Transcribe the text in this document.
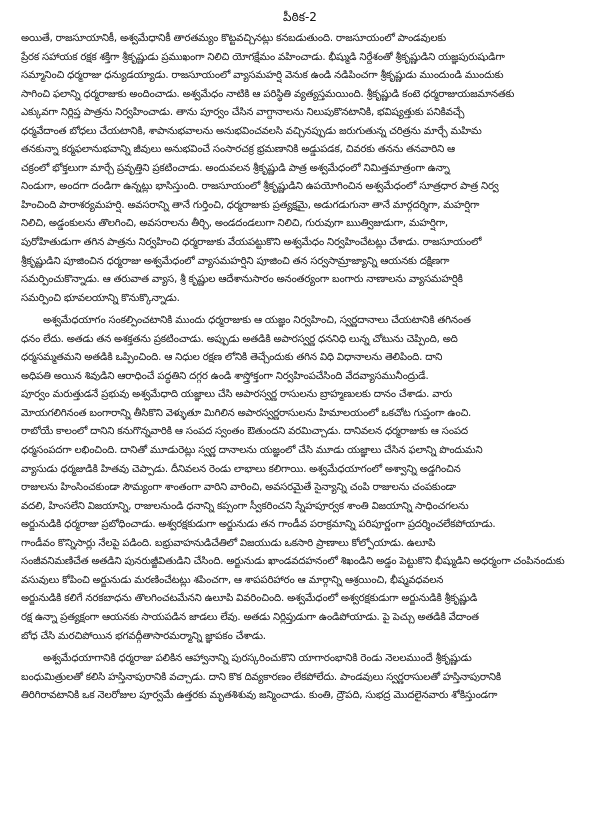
పీఠిక-2
అయితే, రాజసూయానికీ, అశ్వమేధానికీ తారతమ్యం కొట్టవచ్చినట్లు కనబడుతుంది. రాజసూయంలో పాండవులకు
ప్రేరక సహాయక రక్షక శక్తిగా శ్రీకృష్ణుడు ప్రముఖంగా నిలిచి యోగక్షేమం వహించాడు. భీష్ముడి నిర్దేశంతో శ్రీకృష్ణుడిని యజ్ఞపురుషుడిగా
సమ్మానించి ధర్మరాజు ధన్యుడయ్యాడు. రాజసూయంలో వ్యాసమహర్షి వెనుక ఉండి నడిపించగా శ్రీకృష్ణుడు ముందుండి ముందుకు
సాగించి ఫలాన్ని ధర్మరాజుకు అందించాడు. అశ్వమేధం నాటికి ఆ పరిస్థితి వ్యత్యస్తమయింది. శ్రీకృష్ణుడి కంటె ధర్మరాజుయజమానతకు
ఎక్కువగా నిర్లిప్త పాత్రను నిర్వహించాడు. తాను పూర్వం చేసిన వాగ్దానాలను నిలుపుకొనటానికి, భవిష్యత్తుకు పనికివచ్చే
ధర్మవేదాంత బోధలు చేయటానికి, శాపానుభవాలను అనుభవించవలసి వచ్చినప్పుడు జరుగుతున్న చరిత్రను మార్చే మహిమ
తనకున్నా కర్మఫలానుభవాన్ని జీవులు అనుభవించే సంసారచక్ర భ్రమణానికి అడ్డుపడక, చివరకు తనను తనవారిని ఆ
చక్రంలో భోక్తలుగా మార్చే ప్రవృత్తిని ప్రకటించాడు. అందువలన శ్రీకృష్ణుడి పాత్ర అశ్వమేధంలో నిమిత్తమాత్రంగా ఉన్నా
నిండుగా, అందగా దండిగా ఉన్నట్లు భాసిస్తుంది. రాజసూయంలో శ్రీకృష్ణుడిని ఉపయోగించిన అశ్వమేధంలో సూత్రధార పాత్ర నిర్వ
హించింది పారాశర్యమహర్షి. అవసరాన్ని తానే గుర్తించి, ధర్మరాజుకు ప్రత్యక్షమై, అడుగడుగునా తానే మార్గదర్శిగా, మహర్షిగా
నిలిచి, అడ్డంకులను తొలగించి, అవసరాలను తీర్చి, అండదండలుగా నిలిచి, గురువుగా ఋత్విజుడుగా, మహర్షిగా,
పురోహితుడుగా తగిన పాత్రను నిర్వహించి ధర్మరాజుకు వేయపట్టుకొని అశ్వమేధం నిర్వహించేటట్లు చేశాడు. రాజసూయంలో
శ్రీకృష్ణుడిని పూజించిన ధర్మరాజు అశ్వమేధంలో వ్యాసమహర్షిని పూజించి తన సర్వసామ్రాజ్యాన్ని ఆయనకు దక్షిణగా
సమర్పించుకొన్నాడు. ఆ తరువాత వ్యాస, శ్రీ కృష్ణుల ఆదేశానుసారం అనంతర్యంగా బంగారు నాణాలను వ్యాసమహర్షికి
సమర్పించి భూవలయాన్ని కొనుక్కొన్నాడు.
అశ్వమేధయాగం సంకల్పించటానికి ముందు ధర్మరాజుకు ఆ యజ్ఞం నిర్వహించి, స్వర్ణదానాలు చేయటానికి తగినంత
ధనం లేదు. అతడు తన అశక్తతను ప్రకటించాడు. అప్పుడు అతడికి అపారస్వర్ణ ధననిధి లున్న చోటును చెప్పింది, అది
ధర్మసమ్మతమని అతడికి ఒప్పించింది. ఆ నిధుల రక్షణ లోనికి తెచ్చేందుకు తగిన విధి విధానాలను తెలిపింది. దాని
అధిపతి అయిన శివుడిని ఆరాధించే పద్ధతిని దగ్గర ఉండి శాస్త్రోక్తంగా నిర్వహింపచేసింది వేదవ్యాసమునీంద్రుడే.
పూర్వం మరుత్తుడనే ప్రభువు అశ్వమేధాది యజ్ఞాలు చేసి అపారస్వర్ణ రాసులను బ్రాహ్మణులకు దానం చేశాడు. వారు
మోయగలిగినంత బంగారాన్ని తీసికొని వెళ్ళుతూ మిగిలిన అపారస్వర్ణరాసులను హిమాలయంలో ఒకచోట గుప్తంగా ఉంచి.
రాబోయే కాలంలో దానిని కనుగొన్నవారికి ఆ సంపద స్వంతం ఔతుందని వరమిచ్చాడు. దానివలన ధర్మరాజుకు ఆ సంపద
ధర్మసంపదగా లభించింది. దానితో మూడురెట్లు స్వర్ణ దానాలను యజ్ఞంలో చేసి మూడు యజ్ఞాలు చేసిన ఫలాన్ని పొందుమని
వ్యాసుడు ధర్మజుడికి హితవు చెప్పాడు. దీనివలన రెండు లాభాలు కలిగాయి. అశ్వమేధయాగంలో అశ్వాన్ని అడ్డగించిన
రాజులను హింసించకుండా సౌమ్యంగా శాంతంగా వారిని వారించి, అవసరమైతే సైన్యాన్ని చంపి రాజులను చంపకుండా
వదలి, హింసలేని విజయాన్ని, రాజులనుండి ధనాన్ని కప్పంగా స్వీకరించని స్నేహపూర్వక శాంతి విజయాన్ని సాధించగలను
అర్జునుడికి ధర్మరాజు ప్రబోధించాడు. అశ్వరక్షకుడుగా అర్జునుడు తన గాండీవ పరాక్రమాన్ని పరిపూర్ణంగా ప్రదర్శించలేకపోయాడు.
గాండీవం కొన్నిసార్లు నేలపై పడింది. బభ్రువాహనుడిచేతిలో విజయుడు ఒకసారి ప్రాణాలు కోల్పోయాడు. ఉలూపి
సంజీవనిమణిచేత అతడిని పునరుజ్జీవితుడిని చేసింది. అర్జునుడు ఖాండవదహనంలో శిఖండిని అడ్డం పెట్టుకొని భీష్ముడిని అధర్మంగా చంపినందుకు
వసువులు కోపించి అర్జునుడు మరణించేటట్లు శపించగా, ఆ శాపపరిహారం ఆ మార్గాన్ని ఆశ్రయించి, భీష్మవధవలన
అర్జునుడికి కలిగే నరకబాధను తొలగించటమేనని ఉలూపి వివరించింది. అశ్వమేధంలో అశ్వరక్షకుడుగా అర్జునుడికి శ్రీకృష్ణుడి
రక్ష ఉన్నా ప్రత్యక్షంగా ఆయనకు సాయపడిన జాడలు లేవు. అతడు నిర్లిప్తుడుగా ఉండిపోయాడు. పై పెచ్చు అతడికి వేదాంత
బోధ చేసి మరచిపోయిన భగవద్గీతాసారమర్మాన్ని జ్ఞాపకం చేశాడు.
అశ్వమేధయాగానికి ధర్మరాజు పలికిన ఆహ్వానాన్ని పురస్కరించుకొని యాగారంభానికి రెండు నెలలముందే శ్రీకృష్ణుడు
బంధుమిత్రులతో కలిసి హస్తినాపురానికి వచ్చాడు. దాని కొక దివ్యకారణం లేకపోలేదు. పాండవులు స్వర్ణరాసులతో హస్తినాపురానికి
తిరిగిరావటానికి ఒక నెలరోజుల పూర్వమే ఉత్తరకు మృతశిశువు జన్మించాడు. కుంతి, ద్రౌపది, సుభద్ర మొదలైనవారు శోకిస్తుండగా
